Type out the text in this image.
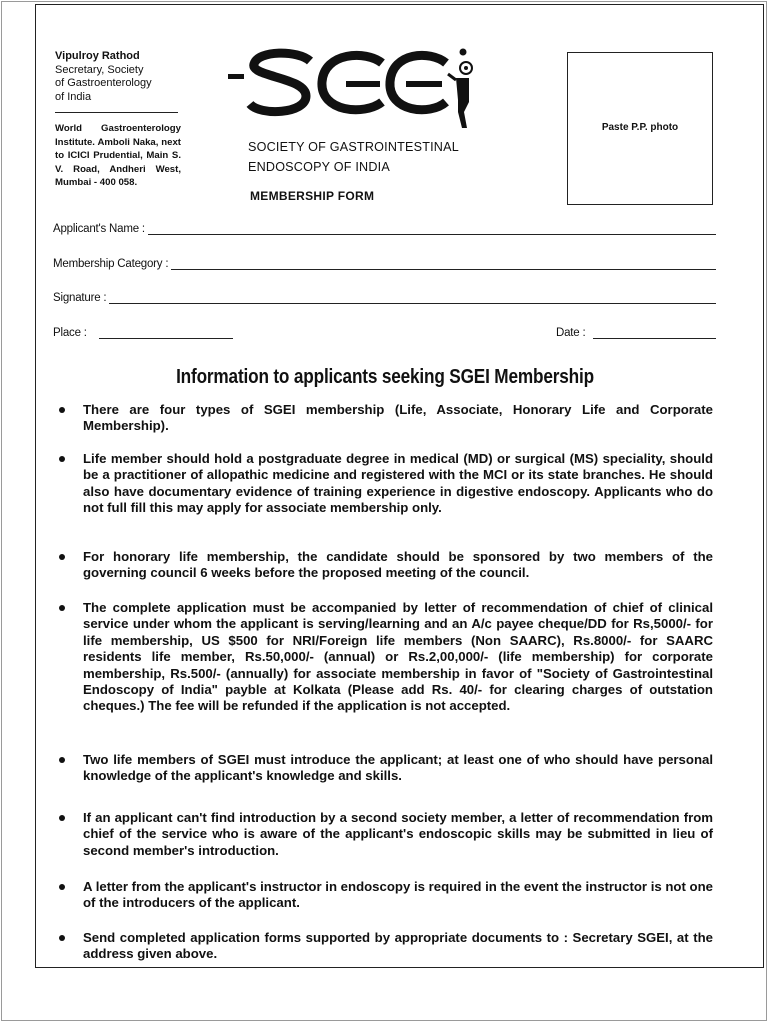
Vipulroy Rathod
Secretary, Society
of Gastroenterology
of India
World Gastroenterology Institute. Amboli Naka, next to ICICI Prudential, Main S. V. Road, Andheri West, Mumbai - 400 058.
SOCIETY OF GASTROINTESTINAL
ENDOSCOPY OF INDIA
MEMBERSHIP FORM
Paste P.P. photo
Applicant's Name :
Membership Category :
Signature :
Place :	Date :
Information to applicants seeking SGEI Membership
There are four types of SGEI membership (Life, Associate, Honorary Life and Corporate Membership).
Life member should hold a postgraduate degree in medical (MD) or surgical (MS) speciality, should be a practitioner of allopathic medicine and registered with the MCI or its state branches. He should also have documentary evidence of training experience in digestive endoscopy. Applicants who do not full fill this may apply for associate membership only.
For honorary life membership, the candidate should be sponsored by two members of the governing council 6 weeks before the proposed meeting of the council.
The complete application must be accompanied by letter of recommendation of chief of clinical service under whom the applicant is serving/learning and an A/c payee cheque/DD for Rs,5000/- for life membership, US $500 for NRI/Foreign life members (Non SAARC), Rs.8000/- for SAARC residents life member, Rs.50,000/- (annual) or Rs.2,00,000/- (life membership) for corporate membership, Rs.500/- (annually) for associate membership in favor of "Society of Gastrointestinal Endoscopy of India" payble at Kolkata (Please add Rs. 40/- for clearing charges of outstation cheques.) The fee will be refunded if the application is not accepted.
Two life members of SGEI must introduce the applicant; at least one of who should have personal knowledge of the applicant's knowledge and skills.
If an applicant can't find introduction by a second society member, a letter of recommendation from chief of the service who is aware of the applicant's endoscopic skills may be submitted in lieu of second member's introduction.
A letter from the applicant's instructor in endoscopy is required in the event the instructor is not one of the introducers of the applicant.
Send completed application forms supported by appropriate documents to : Secretary SGEI, at the address given above.
